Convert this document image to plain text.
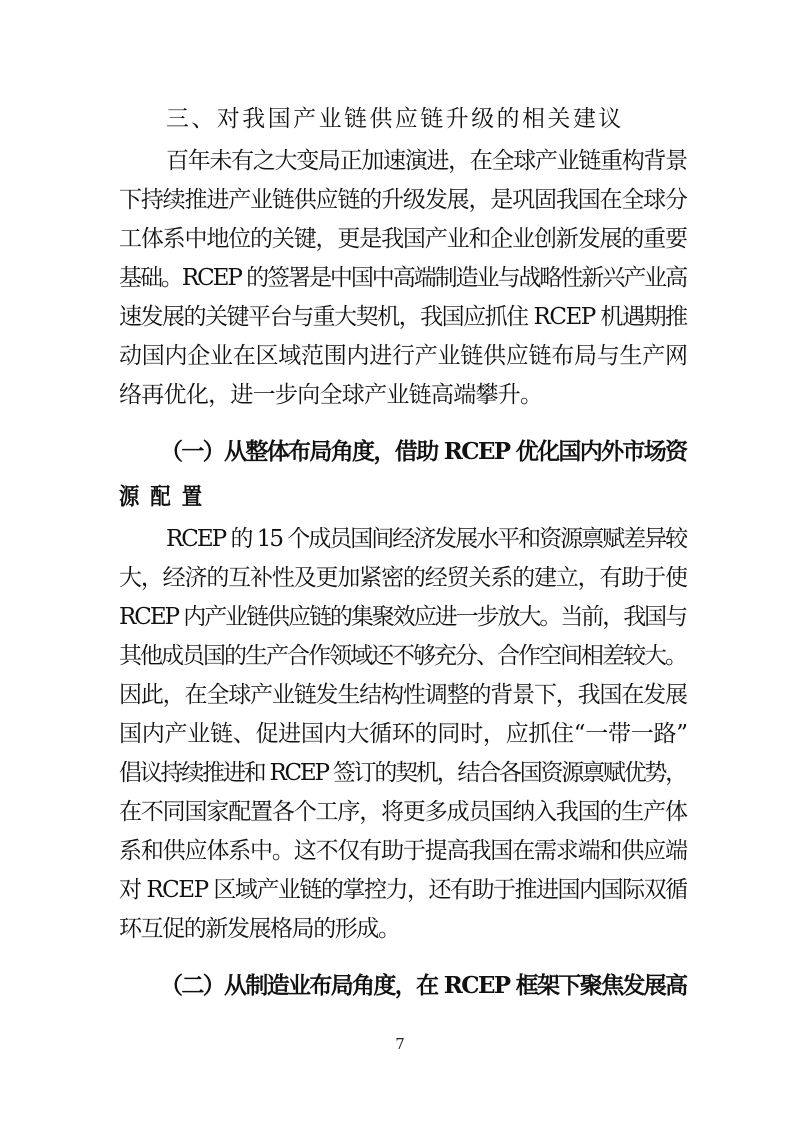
三、对我国产业链供应链升级的相关建议
百年未有之大变局正加速演进，在全球产业链重构背景
下持续推进产业链供应链的升级发展，是巩固我国在全球分
工体系中地位的关键，更是我国产业和企业创新发展的重要
基础。RCEP 的签署是中国中高端制造业与战略性新兴产业高
速发展的关键平台与重大契机，我国应抓住 RCEP 机遇期推
动国内企业在区域范围内进行产业链供应链布局与生产网
络再优化，进一步向全球产业链高端攀升。
（一）从整体布局角度，借助 RCEP 优化国内外市场资
源配置
RCEP 的 15 个成员国间经济发展水平和资源禀赋差异较
大，经济的互补性及更加紧密的经贸关系的建立，有助于使
RCEP 内产业链供应链的集聚效应进一步放大。当前，我国与
其他成员国的生产合作领域还不够充分、合作空间相差较大。
因此，在全球产业链发生结构性调整的背景下，我国在发展
国内产业链、促进国内大循环的同时，应抓住“一带一路”
倡议持续推进和 RCEP 签订的契机，结合各国资源禀赋优势，
在不同国家配置各个工序，将更多成员国纳入我国的生产体
系和供应体系中。这不仅有助于提高我国在需求端和供应端
对 RCEP 区域产业链的掌控力，还有助于推进国内国际双循
环互促的新发展格局的形成。
（二）从制造业布局角度，在 RCEP 框架下聚焦发展高
7
